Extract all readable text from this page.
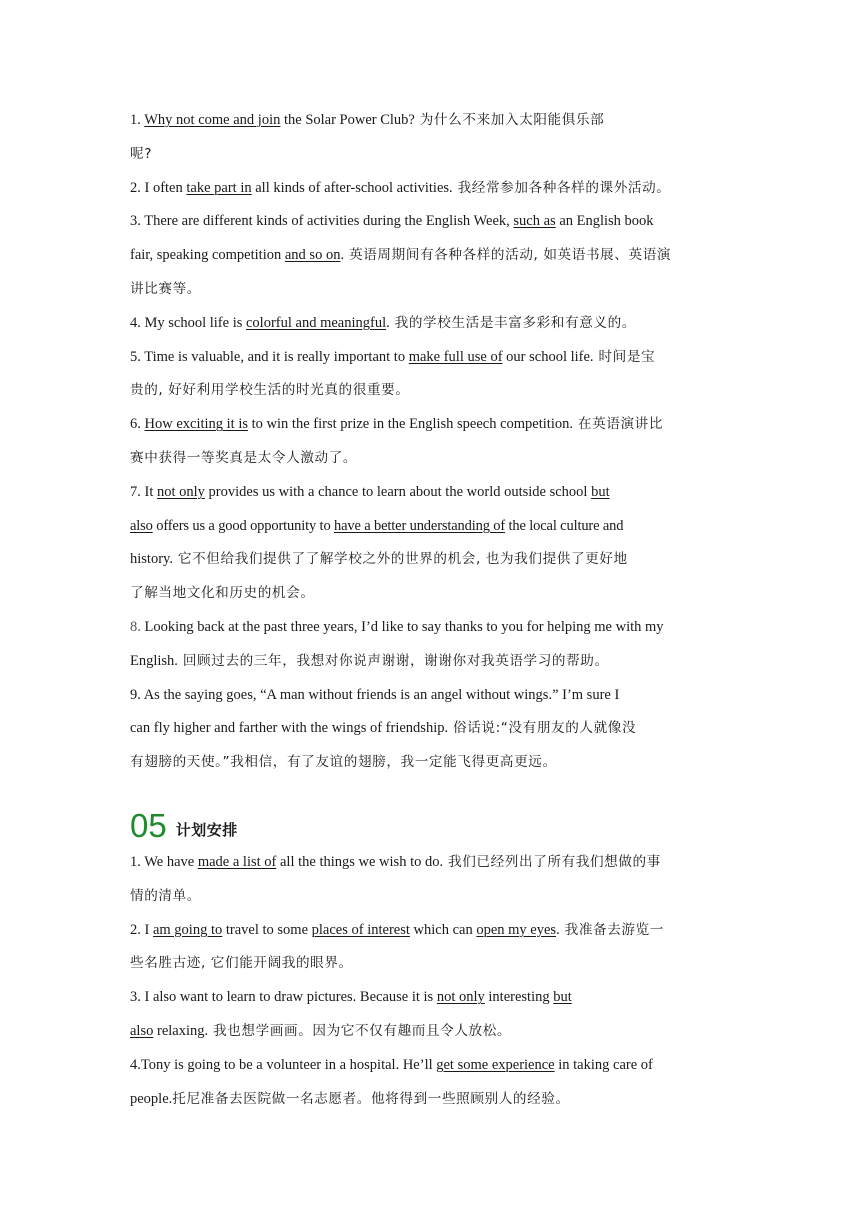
1. Why not come and join the Solar Power Club? 为什么不来加入太阳能俱乐部
呢?
2. I often take part in all kinds of after-school activities. 我经常参加各种各样的课外活动。
3. There are different kinds of activities during the English Week, such as an English book
fair, speaking competition and so on. 英语周期间有各种各样的活动, 如英语书展、英语演
讲比赛等。
4. My school life is colorful and meaningful. 我的学校生活是丰富多彩和有意义的。
5. Time is valuable, and it is really important to make full use of our school life. 时间是宝
贵的, 好好利用学校生活的时光真的很重要。
6. How exciting it is to win the first prize in the English speech competition. 在英语演讲比
赛中获得一等奖真是太令人激动了。
7. It not only provides us with a chance to learn about the world outside school but
also offers us a good opportunity to have a better understanding of the local culture and
history. 它不但给我们提供了了解学校之外的世界的机会, 也为我们提供了更好地
了解当地文化和历史的机会。
8. Looking back at the past three years, I’d like to say thanks to you for helping me with my
English. 回顾过去的三年，我想对你说声谢谢，谢谢你对我英语学习的帮助。
9. As the saying goes, “A man without friends is an angel without wings.” I’m sure I
can fly higher and farther with the wings of friendship. 俗话说:“没有朋友的人就像没
有翅膀的天使。”我相信，有了友谊的翅膀，我一定能飞得更高更远。
05 计划安排
1. We have made a list of all the things we wish to do. 我们已经列出了所有我们想做的事
情的清单。
2. I am going to travel to some places of interest which can open my eyes. 我准备去游览一
些名胜古迹, 它们能开阔我的眼界。
3. I also want to learn to draw pictures. Because it is not only interesting but
also relaxing. 我也想学画画。因为它不仅有趣而且令人放松。
4.Tony is going to be a volunteer in a hospital. He’ll get some experience in taking care of
people.托尼准备去医院做一名志愿者。他将得到一些照顾别人的经验。
